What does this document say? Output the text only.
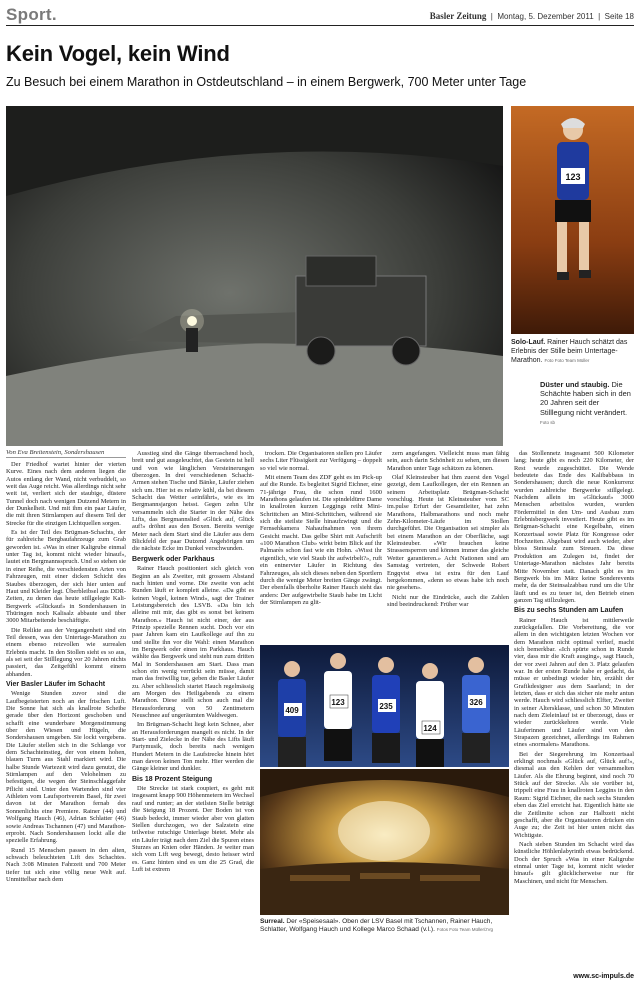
Sport.	Basler Zeitung  |  Montag, 5. Dezember 2011  |  Seite 18
Kein Vogel, kein Wind
Zu Besuch bei einem Marathon in Ostdeutschland – in einem Bergwerk, 700 Meter unter Tage
123
Solo-Lauf. Rainer Hauch schätzt das Erlebnis der Stille beim Untertage-Marathon. Foto Foto Team Müller
Düster und staubig. Die Schächte haben sich in den 20 Jahren seit der Stilllegung nicht verändert. Foto sb
Von Eva Breitenstein, Sondershausen

Der Friedhof wartet hinter der vierten Kurve. Eines nach dem anderen liegen die Autos entlang der Wand, nicht verbuddelt, so weit das Auge reicht. Was allerdings nicht sehr weit ist, verliert sich der staubige, düstere Tunnel doch nach wenigen Dutzend Metern in der Dunkelheit. Und mit ihm ein paar Läufer, die mit ihren Stirnlampen auf diesem Teil der Strecke für die einzigen Lichtquellen sorgen.

Es ist der Teil des Brügman-Schachts, der für zahlreiche Bergbaufahrzeuge zum Grab geworden ist. «Was in einer Kaligrube einmal unter Tag ist, kommt nicht wieder hinauf», lautet ein Bergmannsspruch. Und so stehen sie in einer Reihe, die verschiedensten Arten von Fahrzeugen, mit einer dicken Schicht des Staubes überzogen, der sich hier unten auf Haut und Kleider legt. Überbleibsel aus DDR-Zeiten, zu denen das heute stillgelegte Kali-Bergwerk «Glückauf» in Sondershausen in Thüringen noch Kalisalz abbaute und über 3000 Mitarbeitende beschäftigte.

Die Relikte aus der Vergangenheit sind ein Teil dessen, was den Untertage-Marathon zu einem ebenso reizvollen wie surrealen Erlebnis macht. In den Stollen sieht es so aus, als sei seit der Stilllegung vor 20 Jahren nichts passiert, das Zeitgefühl kommt einem abhanden.

Vier Basler Läufer im Schacht

Wenige Stunden zuvor sind die Laufbegeisterten noch an der frischen Luft. Die Sonne hat sich als knallrote Scheibe gerade über den Horizont geschoben und schafft eine wunderbare Morgenstimmung über den Wiesen und Hügeln, die Sondershausen umgeben. Sie lockt vergebens. Die Läufer stellen sich in die Schlange vor dem Schachteinstieg, der von einem hohen, blauen Turm aus Stahl markiert wird. Die halbe Stunde Wartezeit wird dazu genutzt, die Stirnlampen auf den Velohelmen zu befestigen, die wegen der Steinschlaggefahr Pflicht sind. Unter den Wartenden sind vier Athleten vom Laufsportverein Basel, für zwei davon ist der Marathon fernab des Sonnenlichts eine Premiere. Rainer (44) und Wolfgang Hauch (46), Adrian Schlatter (46) sowie Andreas Tschannen (47) und Marathon-erprobt. Nach Sondershausen lockt alle die spezielle Erfahrung.

Rund 15 Menschen passen in den alten, schwach beleuchteten Lift des Schachtes. Nach 3:08 Minuten Fahrzeit und 700 Meter tiefer tut sich eine völlig neue Welt auf. Unmittelbar nach dem

Ausstieg sind die Gänge überraschend hoch, breit und gut ausgeleuchtet, das Gestein ist hell und von wie länglichen Versteinerungen überzogen. In drei verschiedenen Schacht-Armen stehen Tische und Bänke, Läufer ziehen sich um. Hier ist es relativ kühl, da bei diesem Schacht das Wetter «einfährt», wie es im Bergmannsjargon heisst. Gegen zehn Uhr versammeln sich die Starter in der Nähe des Lifts, das Bergmannslied «Glück auf, Glück auf!» dröhnt aus den Boxen. Bereits wenige Meter nach dem Start sind die Läufer aus dem Blickfeld der paar Dutzend Angehörigen um die nächste Ecke im Dunkel verschwunden.

Bergwerk oder Parkhaus

Rainer Hauch positioniert sich gleich von Beginn an als Zweiter, mit grossem Abstand nach hinten und vorne. Die zweite von acht Runden läuft er komplett alleine. «Da gibt es keinen Vogel, keinen Wind», sagt der Trainer Leistungsbereich des LSVB. «Da bin ich alleine mit mir, das gibt es sonst bei keinem Marathon.» Hauch ist nicht einer, der aus Prinzip spezielle Rennen sucht. Doch vor ein paar Jahren kam ein Laufkollege auf ihn zu und stellte ihn vor die Wahl: einen Marathon im Bergwerk oder einen im Parkhaus. Hauch wählte das Bergwerk und steht nun zum dritten Mal in Sondershausen am Start. Dass man schon ein wenig verrückt sein müsse, damit man das freiwillig tue, geben die Basler Läufer zu. Aber schliesslich startet Hauch regelmässig am Morgen des Heiligabends zu einem Marathon. Diese stellt schon auch mal die Herausforderung von 50 Zentimetern Neuschnee auf ungeräumten Waldwegen.

Im Brügman-Schacht liegt kein Schnee, aber an Herausforderungen mangelt es nicht. In der Start- und Zielecke in der Nähe des Lifts läuft Partymusik, doch bereits nach wenigen Hundert Metern in die Laufstrecke hinein hört man davon keinen Ton mehr. Hier werden die Gänge kleiner und dunkler.

Bis 18 Prozent Steigung

Die Strecke ist stark coupiert, es geht mit insgesamt knapp 900 Höhenmetern im Wechsel rauf und runter; an der steilsten Stelle beträgt die Steigung 18 Prozent. Der Boden ist von Staub bedeckt, immer wieder aber von glatten Stellen durchzogen, wo der Salzstein eine teilweise rutschige Unterlage bietet. Mehr als ein Läufer trägt nach dem Ziel die Spuren eines Sturzes an Knien oder Händen. Je weiter man sich vom Lift weg bewegt, desto heisser wird es. Ganz hinten sind es um die 25 Grad, die Luft ist extrem

trocken. Die Organisatoren stellen pro Läufer sechs Liter Flüssigkeit zur Verfügung – doppelt so viel wie normal.

Mit einem Team des ZDF geht es im Pick-up auf die Runde. Es begleitet Sigrid Eichner, eine 71-jährige Frau, die schon rund 1600 Marathons gelaufen ist. Die spindeldürre Dame in knallroten kurzen Leggings reiht Mini-Schrittchen an Mini-Schrittchen, während sie sich die steilste Stelle hinaufzwingt und die Fernsehkamera Nahaufnahmen von ihrem Gesicht macht. Das gelbe Shirt mit Aufschrift «100 Marathon Club» wirkt beim Blick auf ihr Palmarès schon fast wie ein Hohn. «Wisst ihr eigentlich, wie viel Staub ihr aufwirbelt?», ruft ein entnervter Läufer in Richtung des Fahrzeuges, als sich dieses neben den Sportlern durch die wenige Meter breiten Gänge zwängt. Der ebenfalls überholte Rainer Hauch sieht das anders: Der aufgewirbelte Staub habe im Licht der Stirnlampen zu glit-

zern angefangen. Vielleicht muss man fähig sein, auch darin Schönheit zu sehen, um diesen Marathon unter Tage schätzen zu können.

Olaf Kleinsteuber hat ihm zuerst den Vogel gezeigt, dem Laufkollegen, der ein Rennen an seinem Arbeitsplatz Brügman-Schacht vorschlug. Heute ist Kleinsteuber vom SC im.pulse Erfurt der Gesamtleiter, hat zehn Marathons, Halbmarathons und noch mehr Zehn-Kilometer-Läufe im Stollen durchgeführt. Die Organisation sei simpler als bei einem Marathon an der Oberfläche, sagt Kleinsteuber. «Wir brauchen keine Strassensperren und können immer das gleiche Wetter garantieren.» Acht Nationen sind am Samstag vertreten, der Schwede Robert Engqvist etwa ist extra für den Lauf hergekommen, «denn so etwas habe ich noch nie gesehen».

Nicht nur die Eindrücke, auch die Zahlen sind beeindruckend: Früher war

409
123	235
124
326
Surreal. Der «Speisesaal». Oben der LSV Basel mit Tschannen, Rainer Hauch, Schlatter, Wolfgang Hauch und Kollege Marco Schaad (v.l.). Fotos Foto Team Müller/zVg

das Stollennetz insgesamt 500 Kilometer lang; heute gibt es noch 220 Kilometer, der Rest wurde zugeschüttet. Die Wende bedeutete das Ende des Kalibabbaus in Sondershausen; durch die neue Konkurrenz wurden zahlreiche Bergwerke stillgelegt. Nachdem allein im «Glückauf» 3000 Menschen arbeitslos wurden, wurden Fördermittel in den Um- und Ausbau zum Erlebnisbergwerk investiert. Heute gibt es im Brügman-Schacht eine Kegelbahn, einen Konzertsaal sowie Platz für Kongresse oder Hochzeiten. Abgebaut wird auch wieder, aber bloss Steinsalz zum Streuen. Da diese Produktion am Zulegen ist, findet der Untertage-Marathon nächstes Jahr bereits Mitte November statt. Danach gibt es im Bergwerk bis im März keine Sonderevents mehr, da der Steinsalzabbau rund um die Uhr läuft und es zu teuer ist, den Betrieb einen ganzen Tag stillzulegen.

Bis zu sechs Stunden am Laufen

Rainer Hauch ist mittlerweile zurückgefallen. Die Vorbereitung, die vor allem in den wichtigsten letzten Wochen vor dem Marathon nicht optimal verlief, macht sich bemerkbar. «Ich spürte schon in Runde vier, dass mir die Kraft ausging», sagt Hauch, der vor zwei Jahren auf den 3. Platz gelaufen war. In der ersten Runde habe er gedacht, da müsse er unbedingt wieder hin, erzählt der Grafikdesigner aus dem Saarland; in der letzten, dass er sich das sicher nie mehr antun werde. Hauch wird schliesslich Elfter, Zweiter in seiner Altersklasse, und schon 30 Minuten nach dem Zieleinlauf ist er überzeugt, dass er wieder zurückkehren werde. Viele Läuferinnen und Läufer sind von den Strapazen gezeichnet, allerdings im Rahmen eines «normalen» Marathons.

Bei der Siegerehrung im Konzertsaal erklingt nochmals «Glück auf, Glück auf!», diesmal aus den Kehlen der versammelten Läufer. Als die Ehrung beginnt, sind noch 70 Stück auf der Strecke. Als sie vorüber ist, trippelt eine Frau in knallroten Leggins in den Raum: Sigrid Eichner, die nach sechs Stunden eben das Ziel erreicht hat. Eigentlich hätte sie die Zeitlimite schon zur Halbzeit nicht geschafft, aber die Organisatoren drücken ein Auge zu; die Zeit ist hier unten nicht das Wichtigste.

Nach sieben Stunden im Schacht wird das künstliche Höhlenlabyrinth etwas bedrückend. Doch der Spruch «Was in einer Kaligrube einmal unter Tage ist, kommt nicht wieder hinauf» gilt glücklicherweise nur für Maschinen, und nicht für Menschen.

www.sc-impuls.de
